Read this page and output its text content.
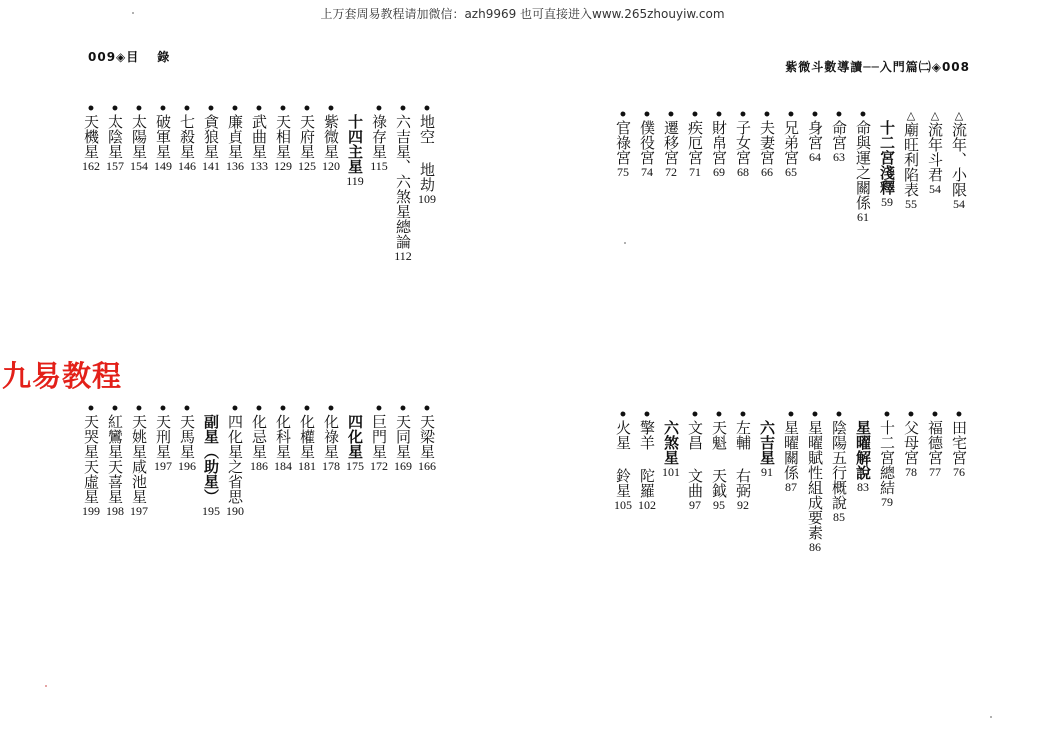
上万套周易教程请加微信：azh9969 也可直接进入www.265zhouyiw.com
009◈目 錄
紫微斗數導讀──入門篇㈡◈008
九易教程
•
地空 地劫
109
•
六吉星、六煞星總論
112
•
祿存星
115
十四主星
119
•
紫微星
120
•
天府星
125
•
天相星
129
•
武曲星
133
•
廉貞星
136
•
貪狼星
141
•
七殺星
146
•
破軍星
149
•
太陽星
154
•
太陰星
157
•
天機星
162
•
天梁星
166
•
天同星
169
•
巨門星
172
四化星
175
•
化祿星
178
•
化權星
181
•
化科星
184
•
化忌星
186
•
四化星之省思
190
副星（助星）
195
•
天馬星
196
•
天刑星
197
•
天姚星咸池星
197
•
紅鸞星天喜星
198
•
天哭星天虛星
199
△
流年、小限
54
△
流年斗君
54
△
廟旺利陷表
55
十二宮淺釋
59
•
命與運之關係
61
•
命宮
63
•
身宮
64
•
兄弟宮
65
•
夫妻宮
66
•
子女宮
68
•
財帛宮
69
•
疾厄宮
71
•
遷移宮
72
•
僕役宮
74
•
官祿宮
75
•
田宅宮
76
•
福德宮
77
•
父母宮
78
•
十二宮總結
79
星曜解說
83
•
陰陽五行概說
85
•
星曜賦性組成要素
86
•
星曜關係
87
六吉星
91
•
左輔 右弼
92
•
天魁 天鉞
95
•
文昌 文曲
97
六煞星
101
•
擎羊 陀羅
102
•
火星 鈴星
105
